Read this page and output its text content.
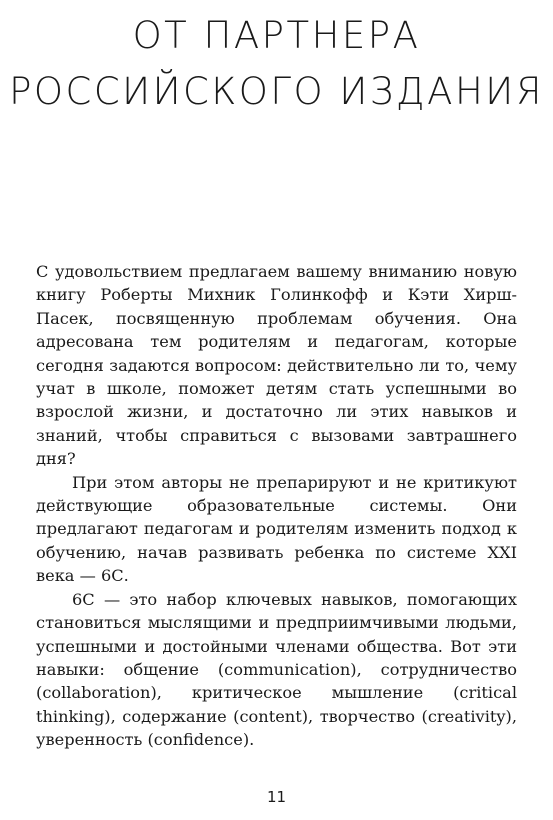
ОТ ПАРТНЕРА
РОССИЙСКОГО ИЗДАНИЯ

С удовольствием предлагаем вашему вниманию новую книгу Роберты Михник Голинкофф и Кэти Хирш-Пасек, посвященную проблемам обучения. Она адресована тем родителям и педагогам, которые сегодня задаются вопросом: действительно ли то, чему учат в школе, поможет детям стать успешными во взрослой жизни, и достаточно ли этих навыков и знаний, чтобы справиться с вызовами завтрашнего дня?

При этом авторы не препарируют и не критикуют действующие образовательные системы. Они предлагают педагогам и родителям изменить подход к обучению, начав развивать ребенка по системе XXI века — 6С.

6С — это набор ключевых навыков, помогающих становиться мыслящими и предприимчивыми людьми, успешными и достойными членами общества. Вот эти навыки: общение (communication), сотрудничество (collaboration), критическое мышление (critical thinking), содержание (content), творчество (creativity), уверенность (confidence).

11
